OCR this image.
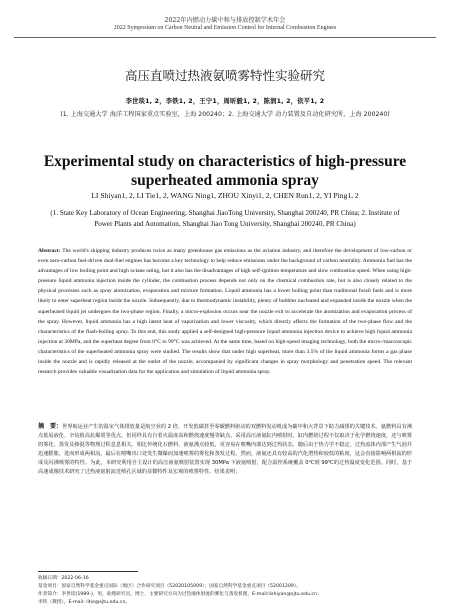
2022年内燃动力碳中和与排放控制学术年会
2022 Symposium on Carbon Neutral and Emission Control for Internal Combustion Engines
高压直喷过热液氨喷雾特性实验研究
李世琰1, 2，李铁1, 2，王宁1，周昕毅1, 2，陈润1, 2，依平1, 2
(1. 上海交通大学 海洋工程国家重点实验室，上海 200240；2. 上海交通大学 动力装置及自动化研究所，上海 200240)
Experimental study on characteristics of high-pressure superheated ammonia spray
LI Shiyan1, 2, LI Tie1, 2, WANG Ning1, ZHOU Xinyi1, 2, CHEN Run1, 2, YI Ping1, 2
(1. State Key Laboratory of Ocean Engineering, Shanghai JiaoTong University, Shanghai 200240, PR China; 2. Institute of Power Plants and Automation, Shanghai Jiao Tong University, Shanghai 200240, PR China)
Abstract: The world's shipping industry produces twice as many greenhouse gas emissions as the aviation industry, and therefore the development of low-carbon or even zero-carbon fuel-driven dual-fuel engines has become a key technology to help reduce emissions under the background of carbon neutrality. Ammonia fuel has the advantages of low boiling point and high octane rating, but it also has the disadvantages of high self-ignition temperature and slow combustion speed. When using high-pressure liquid ammonia injection inside the cylinder, the combustion process depends not only on the chemical combustion rate, but is also closely related to the physical processes such as spray atomization, evaporation and mixture formation. Liquid ammonia has a lower boiling point than traditional fossil fuels and is more likely to enter superheat region inside the nozzle. Subsequently, due to thermodynamic instability, plenty of bubbles nucleated and expanded inside the nozzle when the superheated liquid jet undergoes the two-phase region. Finally, a micro-explosion occurs near the nozzle exit to accelerate the atomization and evaporation process of the spray. However, liquid ammonia has a high latent heat of vaporization and lower viscosity, which directly affects the formation of the two-phase flow and the characteristics of the flash-boiling spray. To this end, this study applied a self-designed high-pressure liquid ammonia injection device to achieve high liquid ammonia injection at 30MPa, and the superheat degree from 0°C to 99°C was achieved. At the same time, based on high-speed imaging technology, both the micro-/macroscopic characteristics of the superheated ammonia spray were studied. The results show that under high superheat, more than 3.5% of the liquid ammonia forms a gas phase inside the nozzle and is rapidly released at the outlet of the nozzle, accompanied by significant changes in spray morphology and penetration speed. The relevant research provides valuable visualization data for the application and simulation of liquid ammonia spray.
摘　要：世界航运业产生的温室气体排放量是航空业的 2 倍，开发低碳甚至零碳燃料驱动的双燃料发动机成为碳中和大背景下助力减排的关键技术。氨燃料具有沸点低易液化、辛烷值高抗爆震等优点，但同样具有自着火温度高和燃烧速度慢等缺点。采用高压液氨缸内喷射时，缸内燃烧过程不仅取决于化学燃烧速度，还与喷雾的雾化、蒸发及掺混等物理过程息息相关。相比传统化石燃料，液氨沸点较低，更容易在喷嘴内部达到过热状态。随后由于热力学不稳定，过热流体内部产生气泡并迅速膨胀，进而形成两相流，最后在喷嘴出口处发生微爆而加速喷雾的雾化和蒸发过程。然而，液氨还具有较高的汽化潜热和较低的粘度，这会直接影响两相流的形成及闪沸喷雾的特性。为此，本研究利用自主设计的高压液氨喷射装置实现 30MPa 下液氨喷射，配合温控系统覆盖 0℃到 99℃的过热温度变化范围。同时，基于高速成像技术研究了过热液氨射流近喷孔区域的显微特性及宏观的喷雾特性。结果表明：
收稿日期：2022-06-16
基金项目：国家自然科学基金重点国际（地区）合作研究项目（52020105009）；国家自然科学基金重点项目（52001209）。
作者简介：李世琰(1989-)，男，助理研究员，博士，主要研究方向为过热液体射流的雾化与蒸发机理，E-mail:lishiyan@sjtu.edu.cn；
李铁（教授），E-mail: litie@sjtu.edu.cn。
